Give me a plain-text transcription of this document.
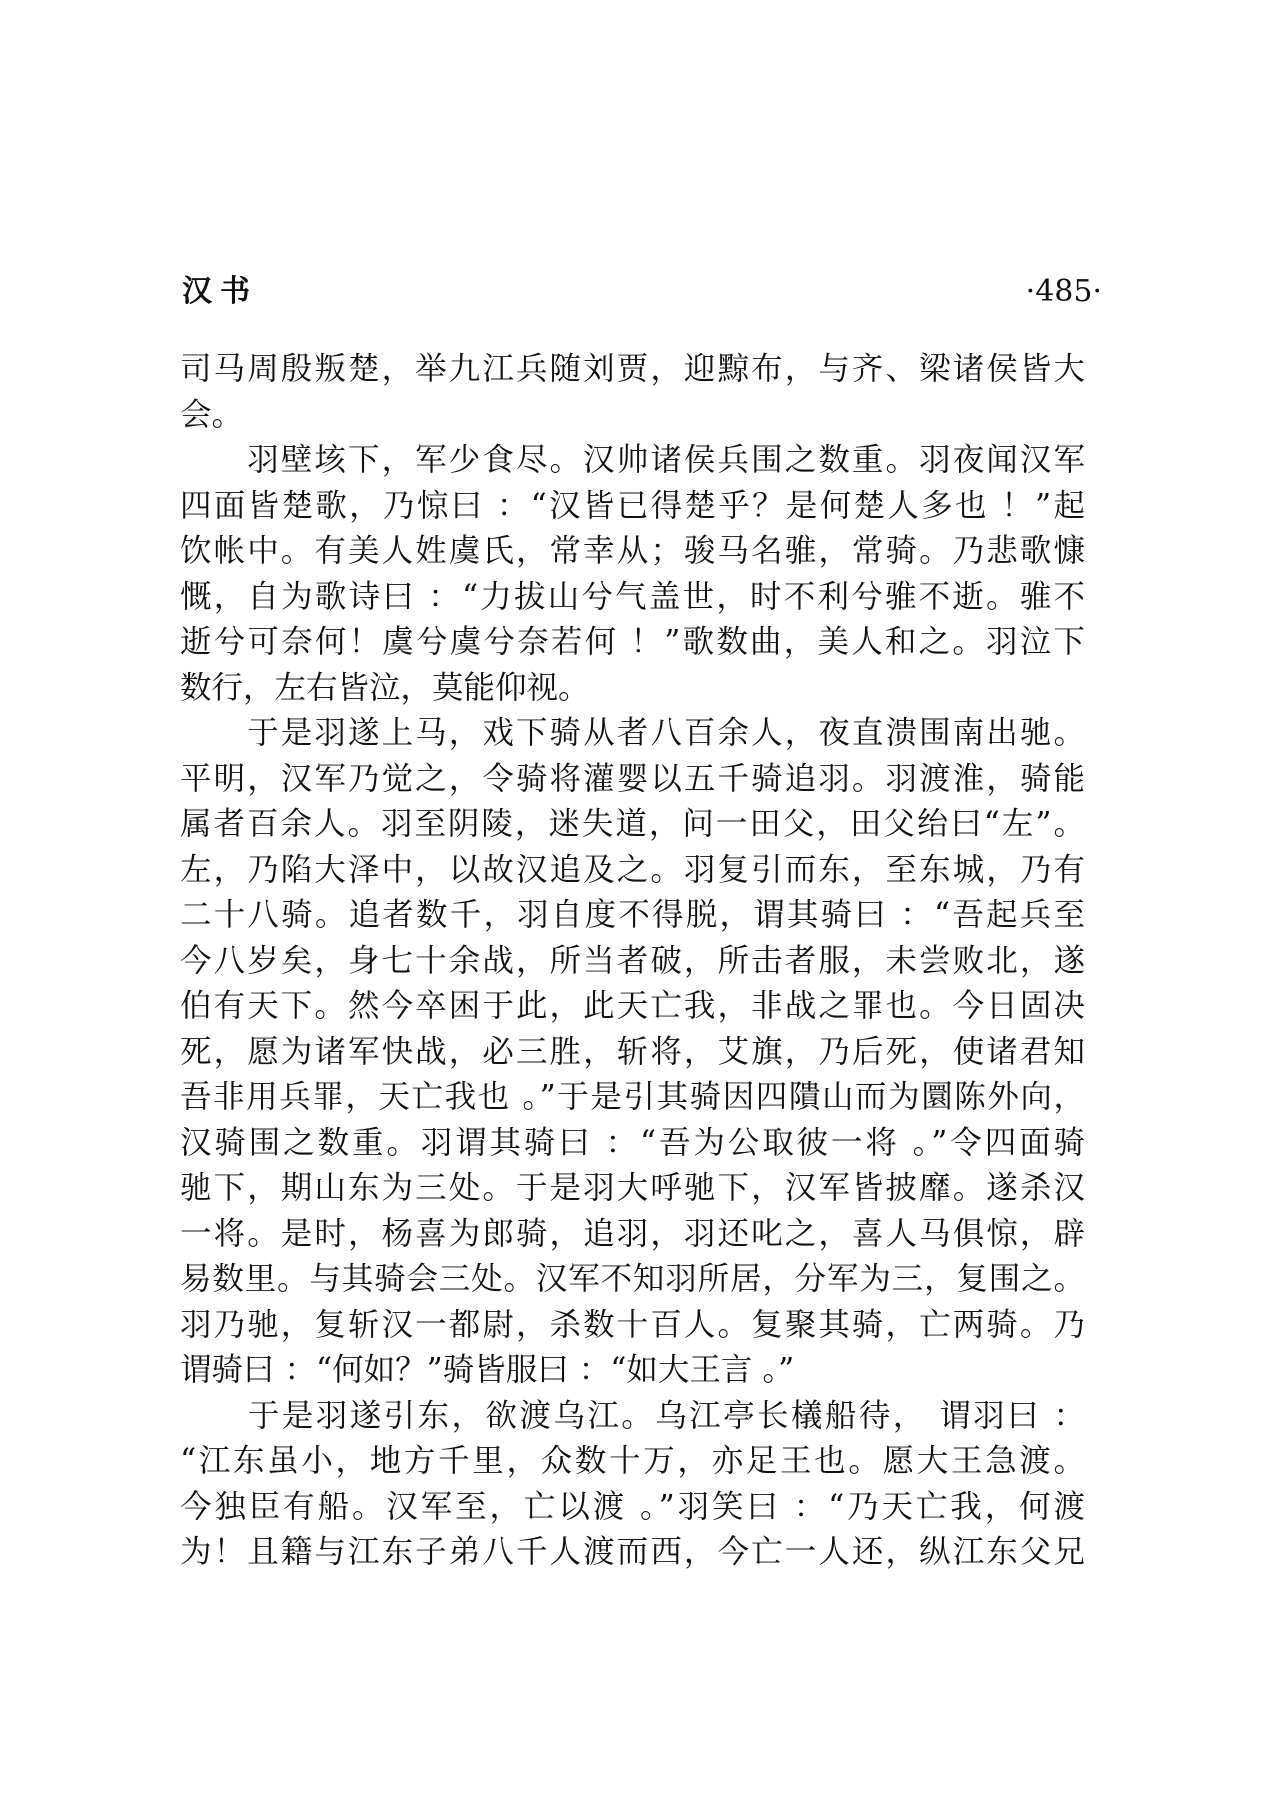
汉书	·485·
司马周殷叛楚，举九江兵随刘贾，迎黥布，与齐、梁诸侯皆大
会。
　　羽壁垓下，军少食尽。汉帅诸侯兵围之数重。羽夜闻汉军
四面皆楚歌，乃惊曰 ：“汉皆已得楚乎？是何楚人多也 ！”起
饮帐中。有美人姓虞氏，常幸从；骏马名骓，常骑。乃悲歌慷
慨，自为歌诗曰 ：“力拔山兮气盖世，时不利兮骓不逝。骓不
逝兮可奈何！虞兮虞兮奈若何 ！”歌数曲，美人和之。羽泣下
数行，左右皆泣，莫能仰视。
　　于是羽遂上马，戏下骑从者八百余人，夜直溃围南出驰。
平明，汉军乃觉之，令骑将灌婴以五千骑追羽。羽渡淮，骑能
属者百余人。羽至阴陵，迷失道，问一田父，田父绐曰“左”。
左，乃陷大泽中，以故汉追及之。羽复引而东，至东城，乃有
二十八骑。追者数千，羽自度不得脱，谓其骑曰 ：“吾起兵至
今八岁矣，身七十余战，所当者破，所击者服，未尝败北，遂
伯有天下。然今卒困于此，此天亡我，非战之罪也。今日固决
死，愿为诸军快战，必三胜，斩将，艾旗，乃后死，使诸君知
吾非用兵罪，天亡我也 。”于是引其骑因四隤山而为圜陈外向，
汉骑围之数重。羽谓其骑曰 ：“吾为公取彼一将 。”令四面骑
驰下，期山东为三处。于是羽大呼驰下，汉军皆披靡。遂杀汉
一将。是时，杨喜为郎骑，追羽，羽还叱之，喜人马俱惊，辟
易数里。与其骑会三处。汉军不知羽所居，分军为三，复围之。
羽乃驰，复斩汉一都尉，杀数十百人。复聚其骑，亡两骑。乃
谓骑曰 ：“何如？”骑皆服曰 ：“如大王言 。”
　　于是羽遂引东，欲渡乌江。乌江亭长檥船待， 谓羽曰 ：
“江东虽小，地方千里，众数十万，亦足王也。愿大王急渡。
今独臣有船。汉军至，亡以渡 。”羽笑曰 ：“乃天亡我，何渡
为！且籍与江东子弟八千人渡而西，今亡一人还，纵江东父兄
